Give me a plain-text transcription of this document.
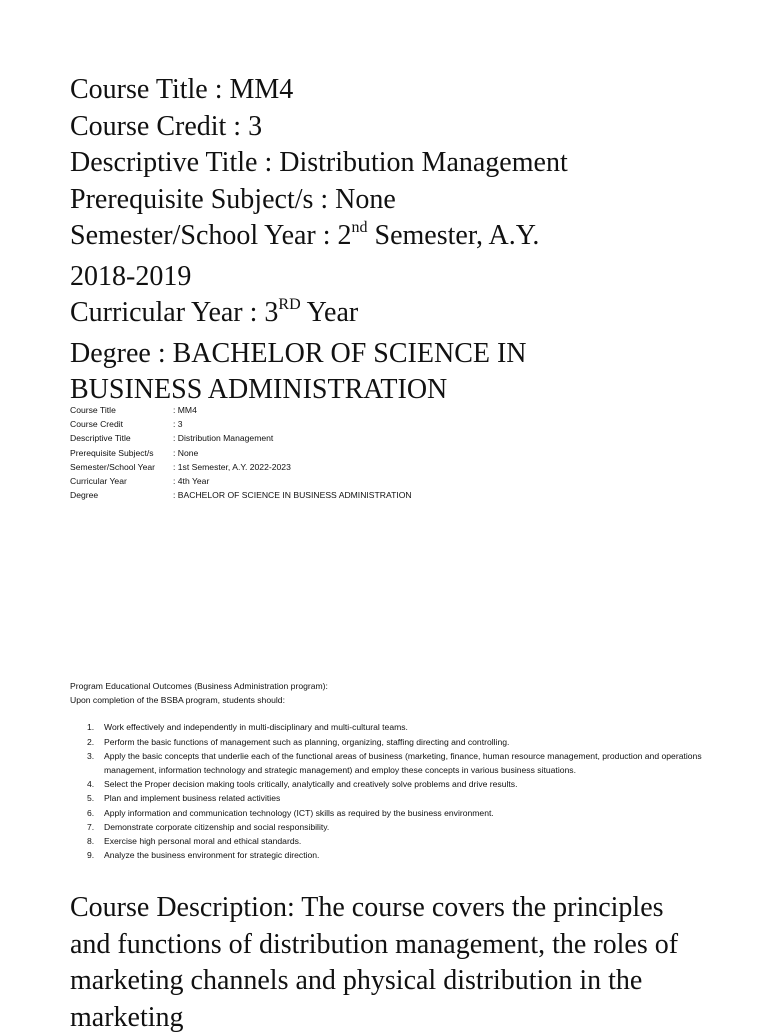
Course Title : MM4
Course Credit : 3
Descriptive Title : Distribution Management
Prerequisite Subject/s : None
Semester/School Year : 2nd Semester, A.Y.
2018-2019
Curricular Year : 3RD Year
Degree : BACHELOR OF SCIENCE IN
BUSINESS ADMINISTRATION
Course Title	: MM4
Course Credit	: 3
Descriptive Title	: Distribution Management
Prerequisite Subject/s	: None
Semester/School Year	: 1st Semester, A.Y. 2022-2023
Curricular Year	: 4th Year
Degree	: BACHELOR OF SCIENCE IN BUSINESS ADMINISTRATION

Program Educational Outcomes (Business Administration program):

Upon completion of the BSBA program, students should:

1. Work effectively and independently in multi-disciplinary and multi-cultural teams.
2. Perform the basic functions of management such as planning, organizing, staffing directing and controlling.
3. Apply the basic concepts that underlie each of the functional areas of business (marketing, finance, human resource management, production and operations management, information technology and strategic management) and employ these concepts in various business situations.
4. Select the Proper decision making tools critically, analytically and creatively solve problems and drive results.
5. Plan and implement business related activities
6. Apply information and communication technology (ICT) skills as required by the business environment.
7. Demonstrate corporate citizenship and social responsibility.
8. Exercise high personal moral and ethical standards.
9. Analyze the business environment for strategic direction.

Course Description: The course covers the principles and functions of distribution management, the roles of marketing channels and physical distribution in the marketing
